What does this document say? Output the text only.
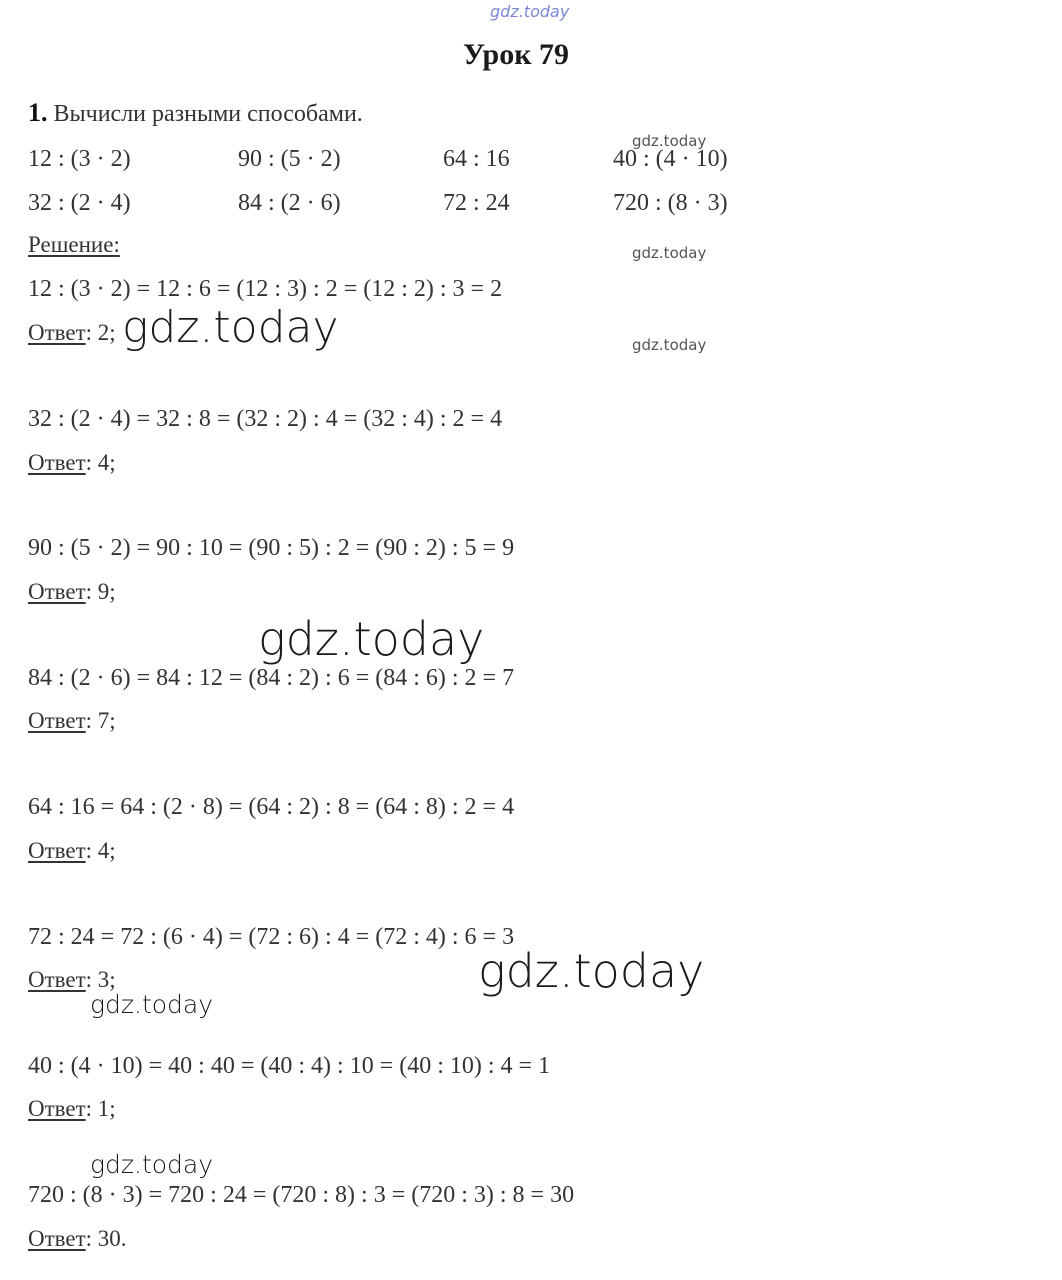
gdz.today
Урок 79
1. Вычисли разными способами.
12 : (3 · 2)	90 : (5 · 2)	64 : 16	40 : (4 · 10)
32 : (2 · 4)	84 : (2 · 6)	72 : 24	720 : (8 · 3)
Решение:
12 : (3 · 2) = 12 : 6 = (12 : 3) : 2 = (12 : 2) : 3 = 2
Ответ: 2;
32 : (2 · 4) = 32 : 8 = (32 : 2) : 4 = (32 : 4) : 2 = 4
Ответ: 4;
90 : (5 · 2) = 90 : 10 = (90 : 5) : 2 = (90 : 2) : 5 = 9
Ответ: 9;
84 : (2 · 6) = 84 : 12 = (84 : 2) : 6 = (84 : 6) : 2 = 7
Ответ: 7;
64 : 16 = 64 : (2 · 8) = (64 : 2) : 8 = (64 : 8) : 2 = 4
Ответ: 4;
72 : 24 = 72 : (6 · 4) = (72 : 6) : 4 = (72 : 4) : 6 = 3
Ответ: 3;
40 : (4 · 10) = 40 : 40 = (40 : 4) : 10 = (40 : 10) : 4 = 1
Ответ: 1;
720 : (8 · 3) = 720 : 24 = (720 : 8) : 3 = (720 : 3) : 8 = 30
Ответ: 30.
gdz.today
gdz.today
gdz.today
gdz.today
gdz.today
gdz.today
gdz.today
gdz.today
